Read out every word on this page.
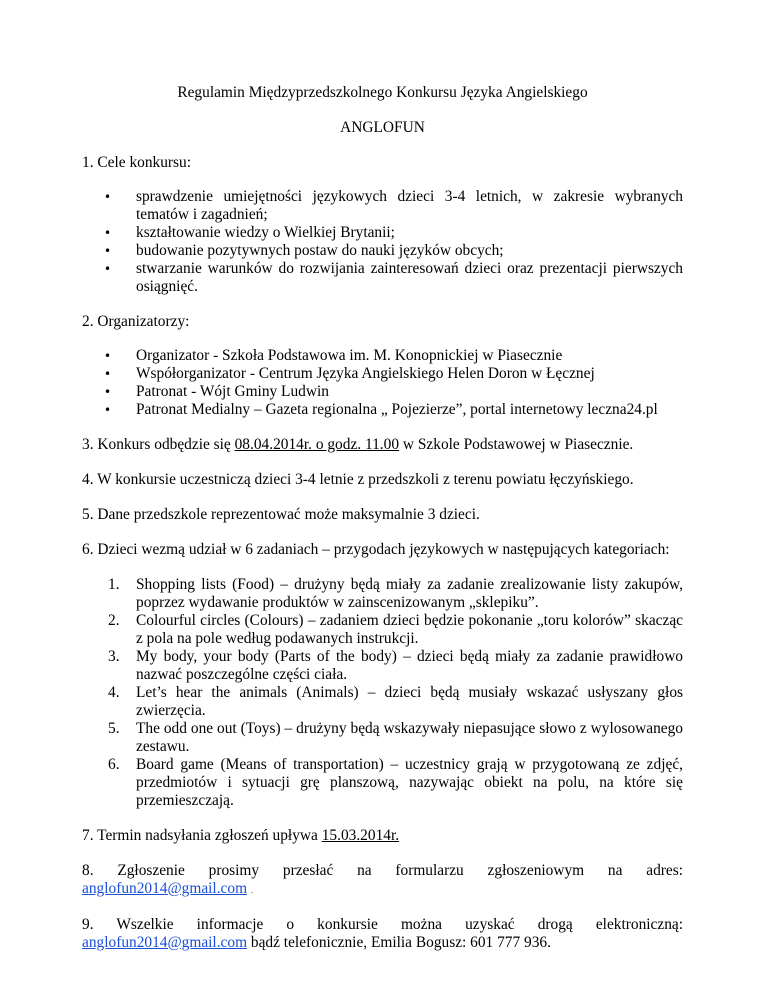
Regulamin Międzyprzedszkolnego Konkursu Języka Angielskiego

ANGLOFUN

1. Cele konkursu:

• sprawdzenie umiejętności językowych dzieci 3-4 letnich, w zakresie wybranych tematów i zagadnień;
• kształtowanie wiedzy o Wielkiej Brytanii;
• budowanie pozytywnych postaw do nauki języków obcych;
• stwarzanie warunków do rozwijania zainteresowań dzieci oraz prezentacji pierwszych osiągnięć.

2. Organizatorzy:

• Organizator - Szkoła Podstawowa im. M. Konopnickiej w Piasecznie
• Współorganizator - Centrum Języka Angielskiego Helen Doron w Łęcznej
• Patronat - Wójt Gminy Ludwin
• Patronat Medialny – Gazeta regionalna „ Pojezierze”, portal internetowy leczna24.pl

3. Konkurs odbędzie się 08.04.2014r. o godz. 11.00 w Szkole Podstawowej w Piasecznie.

4. W konkursie uczestniczą dzieci 3-4 letnie z przedszkoli z terenu powiatu łęczyńskiego.

5. Dane przedszkole reprezentować może maksymalnie 3 dzieci.

6. Dzieci wezmą udział w 6 zadaniach – przygodach językowych w następujących kategoriach:

1. Shopping lists (Food) – drużyny będą miały za zadanie zrealizowanie listy zakupów, poprzez wydawanie produktów w zainscenizowanym „sklepiku”.
2. Colourful circles (Colours) – zadaniem dzieci będzie pokonanie „toru kolorów” skacząc z pola na pole według podawanych instrukcji.
3. My body, your body (Parts of the body) – dzieci będą miały za zadanie prawidłowo nazwać poszczególne części ciała.
4. Let’s hear the animals (Animals) – dzieci będą musiały wskazać usłyszany głos zwierzęcia.
5. The odd one out (Toys) – drużyny będą wskazywały niepasujące słowo z wylosowanego zestawu.
6. Board game (Means of transportation) – uczestnicy grają w przygotowaną ze zdjęć, przedmiotów i sytuacji grę planszową, nazywając obiekt na polu, na które się przemieszczają.

7. Termin nadsyłania zgłoszeń upływa 15.03.2014r.

8. Zgłoszenie prosimy przesłać na formularzu zgłoszeniowym na adres:

anglofun2014@gmail.com .

9. Wszelkie informacje o konkursie można uzyskać drogą elektroniczną:

anglofun2014@gmail.com bądź telefonicznie, Emilia Bogusz: 601 777 936.
